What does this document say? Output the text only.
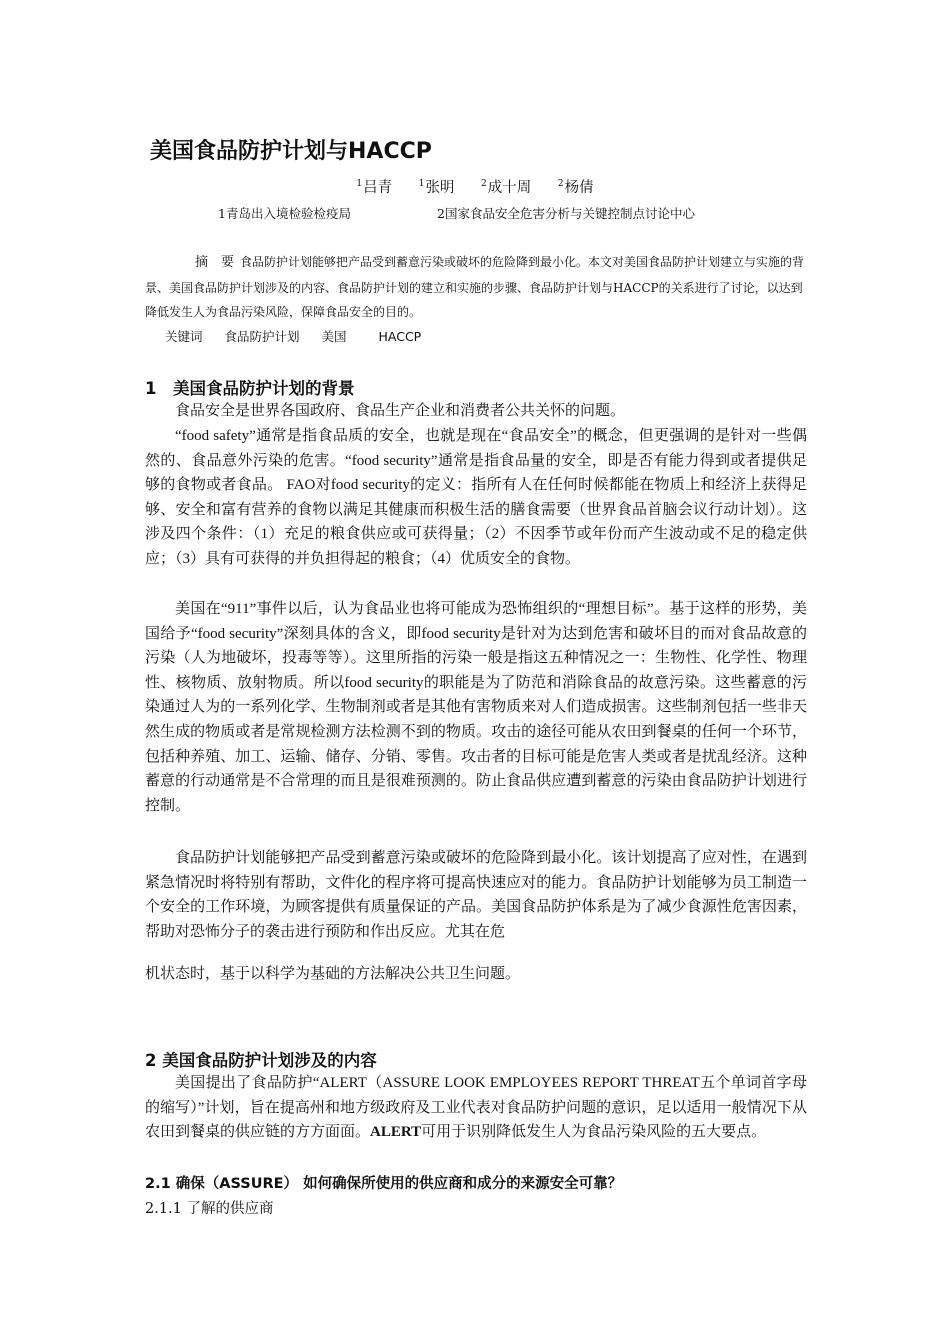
美国食品防护计划与HACCP
$^1$吕青	$^1$张明	$^2$成十周	$^2$杨倩
1青岛出入境检验检疫局	2国家食品安全危害分析与关键控制点讨论中心
摘　要 食品防护计划能够把产品受到蓄意污染或破坏的危险降到最小化。本文对美国食品防护计划建立与实施的背景、美国食品防护计划涉及的内容、食品防护计划的建立和实施的步骤、食品防护计划与HACCP的关系进行了讨论，以达到降低发生人为食品污染风险，保障食品安全的目的。
关键词 食品防护计划 美国	HACCP
1　美国食品防护计划的背景
食品安全是世界各国政府、食品生产企业和消费者公共关怀的问题。
“food safety”通常是指食品质的安全，也就是现在“食品安全”的概念，但更强调的是针对一些偶然的、食品意外污染的危害。“food security”通常是指食品量的安全，即是否有能力得到或者提供足够的食物或者食品。 FAO对food security的定义：指所有人在任何时候都能在物质上和经济上获得足够、安全和富有营养的食物以满足其健康而积极生活的膳食需要（世界食品首脑会议行动计划）。这涉及四个条件：（1）充足的粮食供应或可获得量；（2）不因季节或年份而产生波动或不足的稳定供应；（3）具有可获得的并负担得起的粮食；（4）优质安全的食物。
美国在“911”事件以后，认为食品业也将可能成为恐怖组织的“理想目标”。基于这样的形势，美国给予“food security”深刻具体的含义，即food security是针对为达到危害和破坏目的而对食品故意的污染（人为地破坏，投毒等等）。这里所指的污染一般是指这五种情况之一：生物性、化学性、物理性、核物质、放射物质。所以food security的职能是为了防范和消除食品的故意污染。这些蓄意的污染通过人为的一系列化学、生物制剂或者是其他有害物质来对人们造成损害。这些制剂包括一些非天然生成的物质或者是常规检测方法检测不到的物质。攻击的途径可能从农田到餐桌的任何一个环节，包括种养殖、加工、运输、储存、分销、零售。攻击者的目标可能是危害人类或者是扰乱经济。这种蓄意的行动通常是不合常理的而且是很难预测的。防止食品供应遭到蓄意的污染由食品防护计划进行控制。
食品防护计划能够把产品受到蓄意污染或破坏的危险降到最小化。该计划提高了应对性，在遇到紧急情况时将特别有帮助，文件化的程序将可提高快速应对的能力。食品防护计划能够为员工制造一个安全的工作环境，为顾客提供有质量保证的产品。美国食品防护体系是为了减少食源性危害因素，帮助对恐怖分子的袭击进行预防和作出反应。尤其在危
机状态时，基于以科学为基础的方法解决公共卫生问题。
2 美国食品防护计划涉及的内容
美国提出了食品防护“ALERT（ASSURE LOOK EMPLOYEES REPORT THREAT五个单词首字母的缩写）”计划，旨在提高州和地方级政府及工业代表对食品防护问题的意识，足以适用一般情况下从农田到餐桌的供应链的方方面面。ALERT可用于识别降低发生人为食品污染风险的五大要点。
2.1 确保（ASSURE） 如何确保所使用的供应商和成分的来源安全可靠？
2.1.1 了解的供应商
